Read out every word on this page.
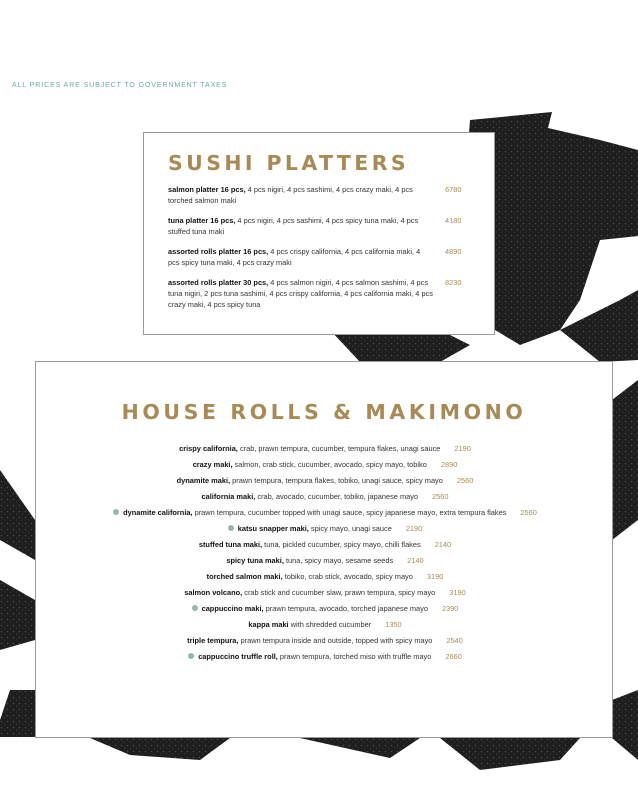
ALL PRICES ARE SUBJECT TO GOVERNMENT TAXES
SUSHI PLATTERS
salmon platter 16 pcs, 4 pcs nigiri, 4 pcs sashimi, 4 pcs crazy maki, 4 pcs torched salmon maki
6780
tuna platter 16 pcs, 4 pcs nigiri, 4 pcs sashimi, 4 pcs spicy tuna maki, 4 pcs stuffed tuna maki
4180
assorted rolls platter 16 pcs, 4 pcs crispy california, 4 pcs california maki, 4 pcs spicy tuna maki, 4 pcs crazy maki
4890
assorted rolls platter 30 pcs, 4 pcs salmon nigiri, 4 pcs salmon sashimi, 4 pcs tuna nigiri, 2 pcs tuna sashimi, 4 pcs crispy california, 4 pcs california maki, 4 pcs crazy maki, 4 pcs spicy tuna
8230
HOUSE ROLLS & MAKIMONO
crispy california, crab, prawn tempura, cucumber, tempura flakes, unagi sauce 2190
crazy maki, salmon, crab stick, cucumber, avocado, spicy mayo, tobiko 2890
dynamite maki, prawn tempura, tempura flakes, tobiko, unagi sauce, spicy mayo 2560
california maki, crab, avocado, cucumber, tobiko, japanese mayo 2560
dynamite california, prawn tempura, cucumber topped with unagi sauce, spicy japanese mayo, extra tempura flakes 2560
katsu snapper maki, spicy mayo, unagi sauce 2190
stuffed tuna maki, tuna, pickled cucumber, spicy mayo, chilli flakes 2140
spicy tuna maki, tuna, spicy mayo, sesame seeds 2140
torched salmon maki, tobiko, crab stick, avocado, spicy mayo 3190
salmon volcano, crab stick and cucumber slaw, prawn tempura, spicy mayo 3190
cappuccino maki, prawn tempura, avocado, torched japanese mayo 2390
kappa maki with shredded cucumber 1350
triple tempura, prawn tempura inside and outside, topped with spicy mayo 2540
cappuccino truffle roll, prawn tempura, torched miso with truffle mayo 2660
